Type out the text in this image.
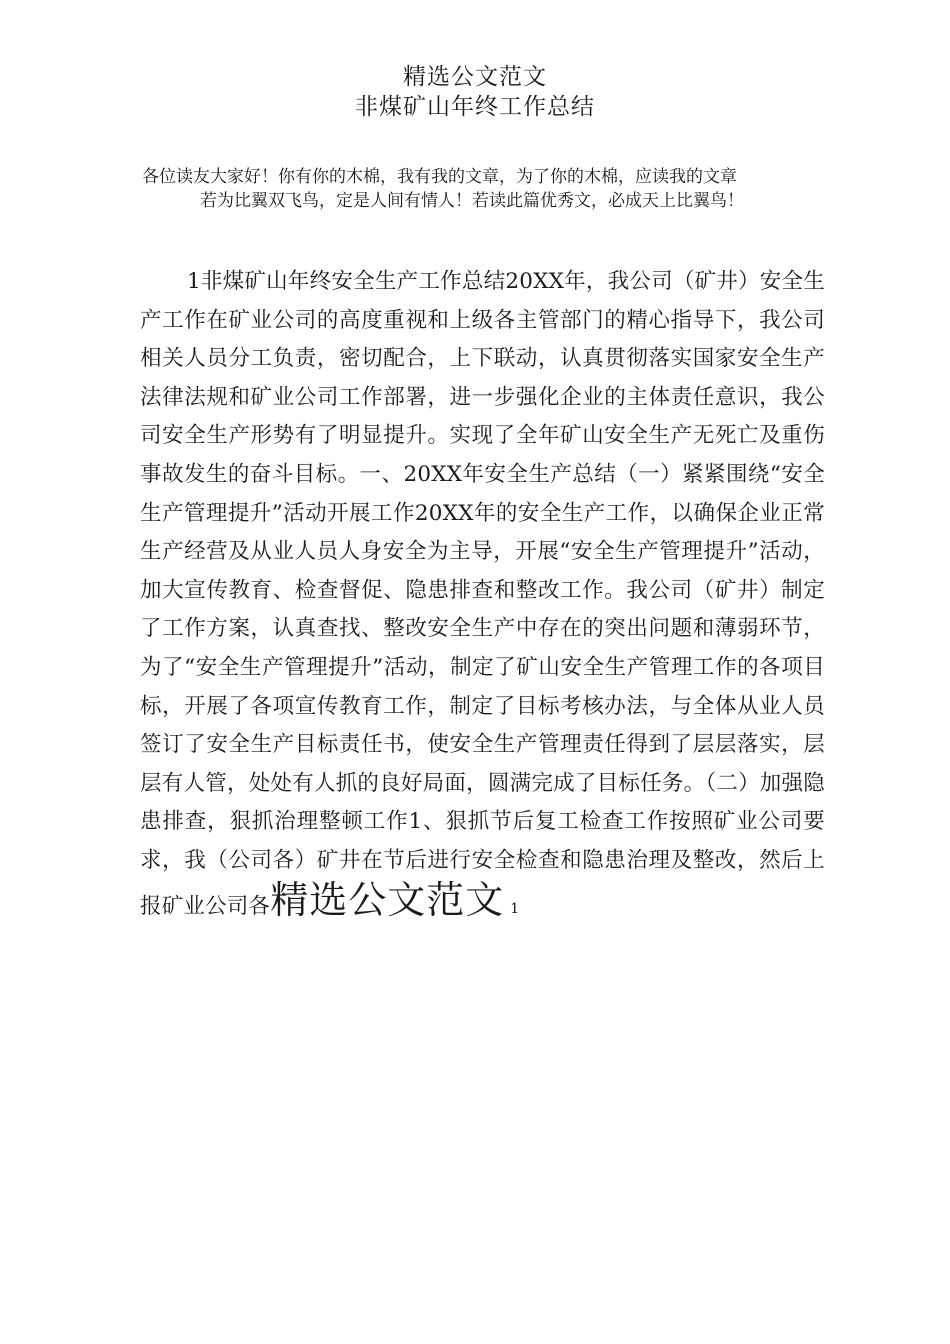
精选公文范文
非煤矿山年终工作总结
各位读友大家好！你有你的木棉，我有我的文章，为了你的木棉，应读我的文章
若为比翼双飞鸟，定是人间有情人！若读此篇优秀文，必成天上比翼鸟！
1非煤矿山年终安全生产工作总结20XX年，我公司（矿井）安全生产工作在矿业公司的高度重视和上级各主管部门的精心指导下，我公司相关人员分工负责，密切配合，上下联动，认真贯彻落实国家安全生产法律法规和矿业公司工作部署，进一步强化企业的主体责任意识，我公司安全生产形势有了明显提升。实现了全年矿山安全生产无死亡及重伤事故发生的奋斗目标。一、20XX年安全生产总结（一）紧紧围绕“安全生产管理提升”活动开展工作20XX年的安全生产工作，以确保企业正常生产经营及从业人员人身安全为主导，开展“安全生产管理提升”活动，加大宣传教育、检查督促、隐患排查和整改工作。我公司（矿井）制定了工作方案，认真查找、整改安全生产中存在的突出问题和薄弱环节，为了“安全生产管理提升”活动，制定了矿山安全生产管理工作的各项目标，开展了各项宣传教育工作，制定了目标考核办法，与全体从业人员签订了安全生产目标责任书，使安全生产管理责任得到了层层落实，层层有人管，处处有人抓的良好局面，圆满完成了目标任务。（二）加强隐患排查，狠抓治理整顿工作1、狠抓节后复工检查工作按照矿业公司要求，我（公司各）矿井在节后进行安全检查和隐患治理及整改，然后上报矿业公司各精选公文范文 1
